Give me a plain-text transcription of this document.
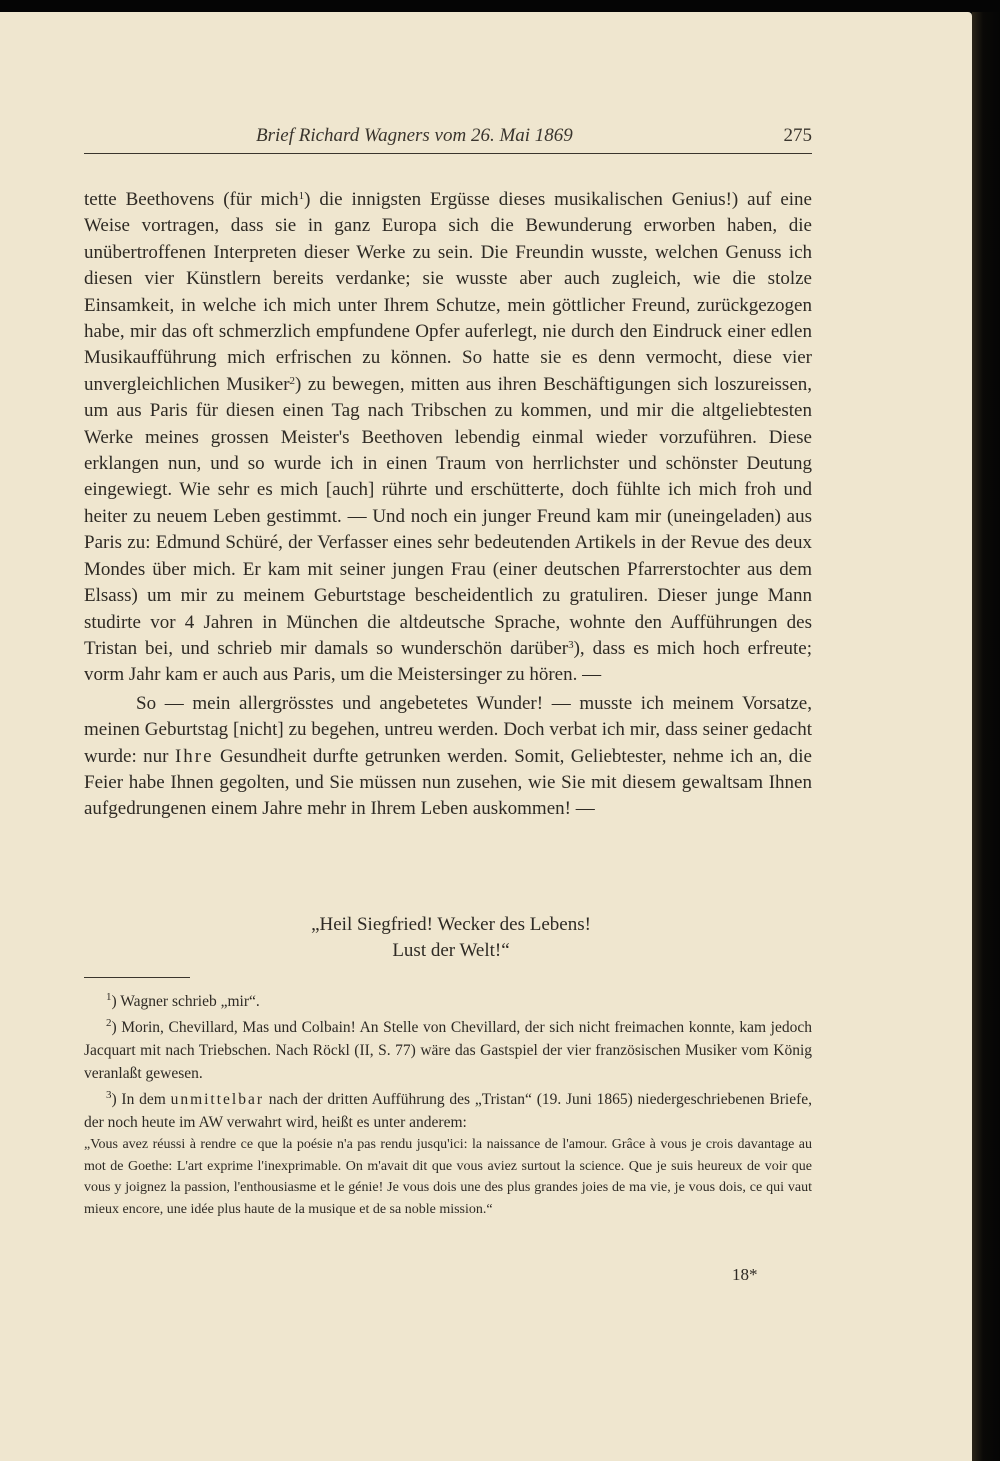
Brief Richard Wagners vom 26. Mai 1869	275

tette Beethovens (für mich$^1$) die innigsten Ergüsse dieses musikalischen Genius!) auf eine Weise vortragen, dass sie in ganz Europa sich die Bewunderung erworben haben, die unübertroffenen Interpreten dieser Werke zu sein. Die Freundin wusste, welchen Genuss ich diesen vier Künstlern bereits verdanke; sie wusste aber auch zugleich, wie die stolze Einsamkeit, in welche ich mich unter Ihrem Schutze, mein göttlicher Freund, zurückgezogen habe, mir das oft schmerzlich empfundene Opfer auferlegt, nie durch den Eindruck einer edlen Musikaufführung mich erfrischen zu können. So hatte sie es denn vermocht, diese vier unvergleichlichen Musiker$^2$) zu bewegen, mitten aus ihren Beschäftigungen sich loszureissen, um aus Paris für diesen einen Tag nach Tribschen zu kommen, und mir die altgeliebtesten Werke meines grossen Meister's Beethoven lebendig einmal wieder vorzuführen. Diese erklangen nun, und so wurde ich in einen Traum von herrlichster und schönster Deutung eingewiegt. Wie sehr es mich [auch] rührte und erschütterte, doch fühlte ich mich froh und heiter zu neuem Leben gestimmt. — Und noch ein junger Freund kam mir (uneingeladen) aus Paris zu: Edmund Schüré, der Verfasser eines sehr bedeutenden Artikels in der Revue des deux Mondes über mich. Er kam mit seiner jungen Frau (einer deutschen Pfarrerstochter aus dem Elsass) um mir zu meinem Geburtstage bescheidentlich zu gratuliren. Dieser junge Mann studirte vor 4 Jahren in München die altdeutsche Sprache, wohnte den Aufführungen des Tristan bei, und schrieb mir damals so wunderschön darüber$^3$), dass es mich hoch erfreute; vorm Jahr kam er auch aus Paris, um die Meistersinger zu hören. —

So — mein allergrösstes und angebetetes Wunder! — musste ich meinem Vorsatze, meinen Geburtstag [nicht] zu begehen, untreu werden. Doch verbat ich mir, dass seiner gedacht wurde: nur Ihre Gesundheit durfte getrunken werden. Somit, Geliebtester, nehme ich an, die Feier habe Ihnen gegolten, und Sie müssen nun zusehen, wie Sie mit diesem gewaltsam Ihnen aufgedrungenen einem Jahre mehr in Ihrem Leben auskommen! —

„Heil Siegfried! Wecker des Lebens!
Lust der Welt!“

$^1$) Wagner schrieb „mir“.

$^2$) Morin, Chevillard, Mas und Colbain! An Stelle von Chevillard, der sich nicht freimachen konnte, kam jedoch Jacquart mit nach Triebschen. Nach Röckl (II, S. 77) wäre das Gastspiel der vier französischen Musiker vom König veranlaßt gewesen.

$^3$) In dem unmittelbar nach der dritten Aufführung des „Tristan“ (19. Juni 1865) niedergeschriebenen Briefe, der noch heute im AW verwahrt wird, heißt es unter anderem:

„Vous avez réussi à rendre ce que la poésie n'a pas rendu jusqu'ici: la naissance de l'amour. Grâce à vous je crois davantage au mot de Goethe: L'art exprime l'inexprimable. On m'avait dit que vous aviez surtout la science. Que je suis heureux de voir que vous y joignez la passion, l'enthousiasme et le génie! Je vous dois une des plus grandes joies de ma vie, je vous dois, ce qui vaut mieux encore, une idée plus haute de la musique et de sa noble mission.“

18*
